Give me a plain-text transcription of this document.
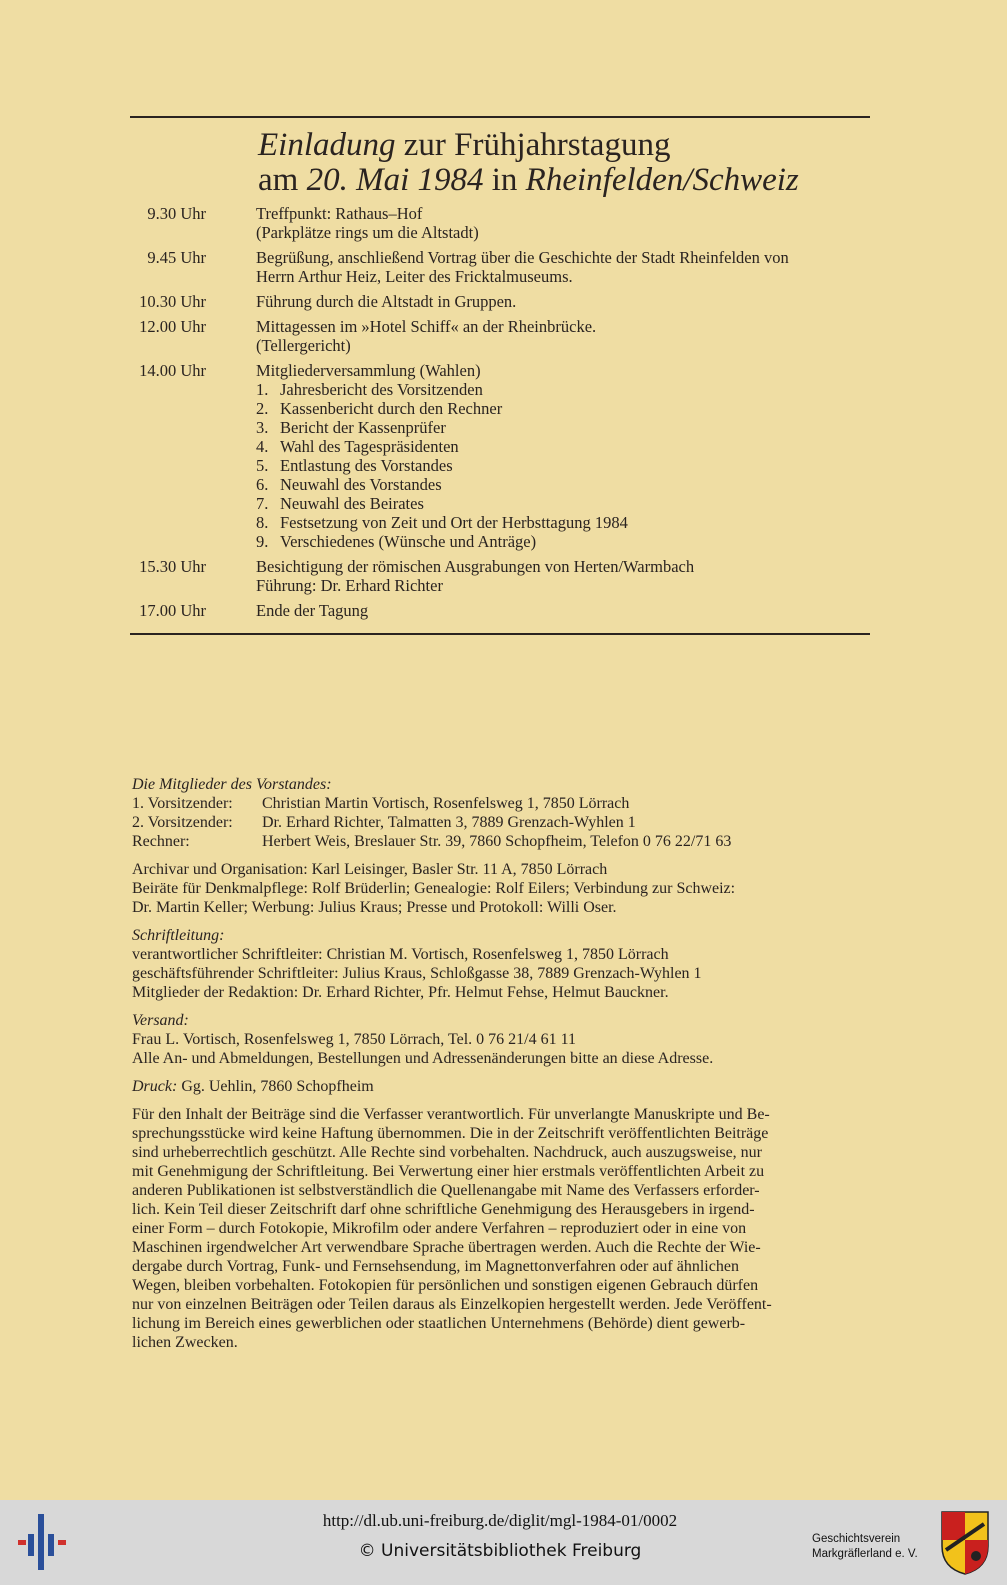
Einladung zur Frühjahrstagung
am 20. Mai 1984 in Rheinfelden/Schweiz
9.30 Uhr	Treffpunkt: Rathaus–Hof
(Parkplätze rings um die Altstadt)
9.45 Uhr	Begrüßung, anschließend Vortrag über die Geschichte der Stadt Rheinfelden von
Herrn Arthur Heiz, Leiter des Fricktalmuseums.
10.30 Uhr	Führung durch die Altstadt in Gruppen.
12.00 Uhr	Mittagessen im »Hotel Schiff« an der Rheinbrücke.
(Tellergericht)
14.00 Uhr	Mitgliederversammlung (Wahlen)
1. Jahresbericht des Vorsitzenden
2. Kassenbericht durch den Rechner
3. Bericht der Kassenprüfer
4. Wahl des Tagespräsidenten
5. Entlastung des Vorstandes
6. Neuwahl des Vorstandes
7. Neuwahl des Beirates
8. Festsetzung von Zeit und Ort der Herbsttagung 1984
9. Verschiedenes (Wünsche und Anträge)
15.30 Uhr	Besichtigung der römischen Ausgrabungen von Herten/Warmbach
Führung: Dr. Erhard Richter
17.00 Uhr	Ende der Tagung

Die Mitglieder des Vorstandes:
1. Vorsitzender:	Christian Martin Vortisch, Rosenfelsweg 1, 7850 Lörrach
2. Vorsitzender:	Dr. Erhard Richter, Talmatten 3, 7889 Grenzach-Wyhlen 1
Rechner:	Herbert Weis, Breslauer Str. 39, 7860 Schopfheim, Telefon 0 76 22/71 63

Archivar und Organisation: Karl Leisinger, Basler Str. 11 A, 7850 Lörrach
Beiräte für Denkmalpflege: Rolf Brüderlin; Genealogie: Rolf Eilers; Verbindung zur Schweiz:
Dr. Martin Keller; Werbung: Julius Kraus; Presse und Protokoll: Willi Oser.

Schriftleitung:
verantwortlicher Schriftleiter: Christian M. Vortisch, Rosenfelsweg 1, 7850 Lörrach
geschäftsführender Schriftleiter: Julius Kraus, Schloßgasse 38, 7889 Grenzach-Wyhlen 1
Mitglieder der Redaktion: Dr. Erhard Richter, Pfr. Helmut Fehse, Helmut Bauckner.

Versand:
Frau L. Vortisch, Rosenfelsweg 1, 7850 Lörrach, Tel. 0 76 21/4 61 11
Alle An- und Abmeldungen, Bestellungen und Adressenänderungen bitte an diese Adresse.

Druck: Gg. Uehlin, 7860 Schopfheim

Für den Inhalt der Beiträge sind die Verfasser verantwortlich. Für unverlangte Manuskripte und Be-
sprechungsstücke wird keine Haftung übernommen. Die in der Zeitschrift veröffentlichten Beiträge
sind urheberrechtlich geschützt. Alle Rechte sind vorbehalten. Nachdruck, auch auszugsweise, nur
mit Genehmigung der Schriftleitung. Bei Verwertung einer hier erstmals veröffentlichten Arbeit zu
anderen Publikationen ist selbstverständlich die Quellenangabe mit Name des Verfassers erforder-
lich. Kein Teil dieser Zeitschrift darf ohne schriftliche Genehmigung des Herausgebers in irgend-
einer Form – durch Fotokopie, Mikrofilm oder andere Verfahren – reproduziert oder in eine von
Maschinen irgendwelcher Art verwendbare Sprache übertragen werden. Auch die Rechte der Wie-
dergabe durch Vortrag, Funk- und Fernsehsendung, im Magnettonverfahren oder auf ähnlichen
Wegen, bleiben vorbehalten. Fotokopien für persönlichen und sonstigen eigenen Gebrauch dürfen
nur von einzelnen Beiträgen oder Teilen daraus als Einzelkopien hergestellt werden. Jede Veröffent-
lichung im Bereich eines gewerblichen oder staatlichen Unternehmens (Behörde) dient gewerb-
lichen Zwecken.

http://dl.ub.uni-freiburg.de/diglit/mgl-1984-01/0002
© Universitätsbibliothek Freiburg
Geschichtsverein
Markgräflerland e. V.
